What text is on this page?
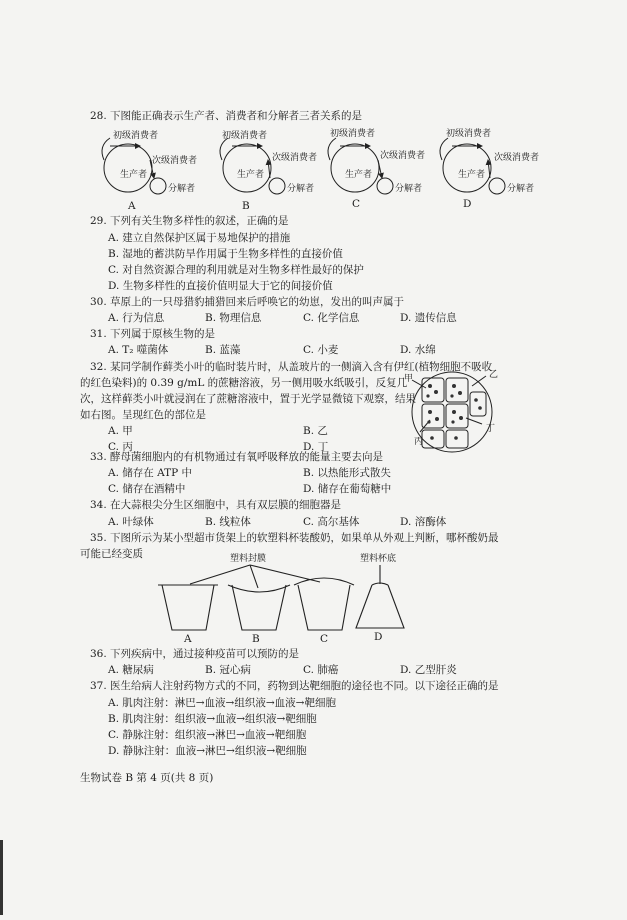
28. 下图能正确表示生产者、消费者和分解者三者关系的是
初级消费者
次级消费者
生产者
分解者
A
初级消费者
次级消费者
生产者
分解者
B
初级消费者
次级消费者
生产者
分解者
C
初级消费者
次级消费者
生产者
分解者
D
29. 下列有关生物多样性的叙述，正确的是
A. 建立自然保护区属于易地保护的措施
B. 湿地的蓄洪防旱作用属于生物多样性的直接价值
C. 对自然资源合理的利用就是对生物多样性最好的保护
D. 生物多样性的直接价值明显大于它的间接价值
30. 草原上的一只母猎豹捕猎回来后呼唤它的幼崽，发出的叫声属于
A. 行为信息	B. 物理信息	C. 化学信息	D. 遗传信息
31. 下列属于原核生物的是
A. T₂ 噬菌体	B. 蓝藻	C. 小麦	D. 水绵
32. 某同学制作藓类小叶的临时装片时，从盖玻片的一侧滴入含有伊红(植物细胞不吸收
的红色染料)的 0.39 g/mL 的蔗糖溶液，另一侧用吸水纸吸引，反复几
次，这样藓类小叶就浸润在了蔗糖溶液中，置于光学显微镜下观察，结果
如右图。呈现红色的部位是
A. 甲	B. 乙
C. 丙	D. 丁
甲	乙
丙
丁
33. 酵母菌细胞内的有机物通过有氧呼吸释放的能量主要去向是
A. 储存在 ATP 中	B. 以热能形式散失
C. 储存在酒精中	D. 储存在葡萄糖中
34. 在大蒜根尖分生区细胞中，具有双层膜的细胞器是
A. 叶绿体	B. 线粒体	C. 高尔基体	D. 溶酶体
35. 下图所示为某小型超市货架上的软塑料杯装酸奶，如果单从外观上判断，哪杯酸奶最
可能已经变质	塑料封膜	塑料杯底
A	B	C	D
36. 下列疾病中，通过接种疫苗可以预防的是
A. 糖尿病	B. 冠心病	C. 肺癌	D. 乙型肝炎
37. 医生给病人注射药物方式的不同，药物到达靶细胞的途径也不同。以下途径正确的是
A. 肌肉注射：淋巴→血液→组织液→血液→靶细胞
B. 肌肉注射：组织液→血液→组织液→靶细胞
C. 静脉注射：组织液→淋巴→血液→靶细胞
D. 静脉注射：血液→淋巴→组织液→靶细胞
生物试卷 B 第 4 页(共 8 页)
